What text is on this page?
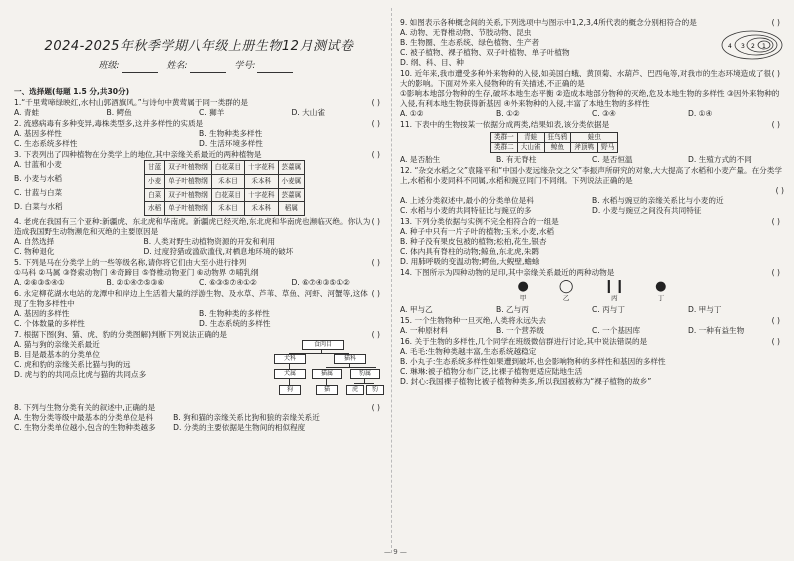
2024-2025年秋季学期八年级上册生物12月测试卷
班级:	姓名:	学号:
一、选择题(每题 1.5 分,共30分)
1.“千里莺啼绿映红,水村山郭酒旗风。”与诗句中黄莺属于同一类群的是	( )
A. 青蛙	B. 鳄鱼	C. 狮羊	D. 大山雀
2. 流感病毒有多种变异,毒株类型多,这并多样性的实质是	( )
A. 基因多样性	B. 生物种类多样性
C. 生态系统多样性	D. 生活环境多样性
3. 下表列出了四种植物在分类学上的地位,其中亲缘关系最近的两种植物是	( )
A. 甘蓝和小麦
B. 小麦与水稻
C. 甘蓝与白菜
D. 白菜与水稻
甘蓝	双子叶植物纲	白花菜目	十字花科	芸薹属
小麦	单子叶植物纲	禾本目	禾本科	小麦属
白菜	双子叶植物纲	白花菜目	十字花科	芸薹属
水稻	单子叶植物纲	禾本目	禾本科	稻属
4. 老虎在我国有三个亚种:新疆虎、东北虎和华南虎。新疆虎已经灭绝,东北虎和华南虎也濒临灭绝。你认为造成我国野生动物濒危和灭绝的主要原因是
( )
A. 自然选择	B. 人类对野生动植物资源的开发和利用
C. 物种退化	D. 过度狩猎或滥砍滥伐,对栖息地环境的破坏
5. 下列是马在分类学上的一些等级名称,请你将它们由大至小进行排列	( )
①马科 ②马属 ③脊索动物门 ④奇蹄目 ⑤脊椎动物亚门 ⑥动物界 ⑦哺乳纲
A. ②⑥③⑤④①	B. ②①④⑦⑤③⑥	C. ⑥③⑤⑦④①②	D. ⑥⑦④③⑤①②
6. 永定柳花湖水电站的龙潭中和岸边上生活着大量的浮游生物、及水草、芦苇、草鱼、河虾、河蟹等,这体现了生物多样性中
( )
A. 基因的多样性	B. 生物种类的多样性
C. 个体数量的多样性	D. 生态系统的多样性
7. 根据下图(狗、猫、虎、豹的分类图解)判断下列说法正确的是	( )
A. 猫与狗的亲缘关系最近
B. 目是最基本的分类单位
C. 虎和豹的亲缘关系比猫与狗的远
D. 虎与豹的共同点比虎与猫的共同点多
食肉目
犬科	猫科
犬属	猫属	豹属
狗	猫	虎	豹
8. 下列与生物分类有关的叙述中,正确的是	( )
A. 生物分类等级中最基本的分类单位是科	B. 狗和猫的亲缘关系比狗和狼的亲缘关系近
C. 生物分类单位越小,包含的生物种类越多	D. 分类的主要依据是生物间的相似程度
9. 如图表示各种概念间的关系,下列选项中与图示中1,2,3,4所代表的概念分别相符合的是	( )
A. 动物、无脊椎动物、节肢动物、昆虫
B. 生物圈、生态系统、绿色植物、生产者
C. 被子植物、裸子植物、双子叶植物、单子叶植物
D. 纲、科、目、种
4 3 2 1
10. 近年来,我市遭受多种外来物种的入侵,如美国白蛾、黄顶菊、水葫芦、巴西龟等,对我市的生态环境造成了很大的影响。下面对外来入侵物种的有关描述,不正确的是
( )
①影响本地部分物种的生存,破坏本地生态平衡 ②造成本地部分物种的灭绝,危及本地生物的多样性 ③因外来物种的入侵,有利本地生物获得新基因 ④外来物种的入侵,丰富了本地生物的多样性
A. ①②	B. ①②	C. ③④	D. ①④
11. 下表中的生物按某一依据分成两类,结果如表,该分类依据是	( )
类群一	青蛙	狂鸟鸦	蛙虫	
类群二	大山雀	鲸鱼	斧顶鸭	野马
A. 是否胎生	B. 有无脊柱	C. 是否恒温	D. 生殖方式的不同
12. “杂交水稻之父”袁隆平和“中国小麦远缘杂交之父”李振声所研究的对象,大大提高了水稻和小麦产量。在分类学上,水稻和小麦同科不同属,水稻和豌豆同门不同纲。下列说法正确的是
( )
A. 上述分类叙述中,最小的分类单位是科	B. 水稻与豌豆的亲缘关系比与小麦的近
C. 水稻与小麦的共同特征比与豌豆的多	D. 小麦与豌豆之间没有共同特征
13. 下列分类依据与实例不完全相符合的一组是	( )
A. 种子中只有一片子叶的植物;玉米,小麦,水稻
B. 种子没有果皮包被的植物;松柏,花生,银杏
C. 体内具有脊柱的动物;鲸鱼,东北虎,朱鹮
D. 用肺呼吸的变温动物;鳄鱼,大鲵壁,蟾蜍
14. 下图所示为四种动物的足印,其中亲缘关系最近的两种动物是	( )
●
甲
◯
乙
❙❙
丙
●
丁
A. 甲与乙	B. 乙与丙	C. 丙与丁	D. 甲与丁
15. 一个生物物种一旦灭绝,人类将永远失去	( )
A. 一种原材料	B. 一个营养级	C. 一个基因库	D. 一种有益生物
16. 关于生物的多样性,几个同学在班级微信群进行讨论,其中说法错误的是	( )
A. 毛毛:生物种类越丰富,生态系统越稳定
B. 小丸子:生态系统多样性如果遭到破坏,也会影响物种的多样性和基因的多样性
C. 琳琳:被子植物分布广泛,比裸子植物更适应陆地生活
D. 封心:我国裸子植物比被子植物种类多,所以我国被称为“裸子植物的故乡”
— 9 —
